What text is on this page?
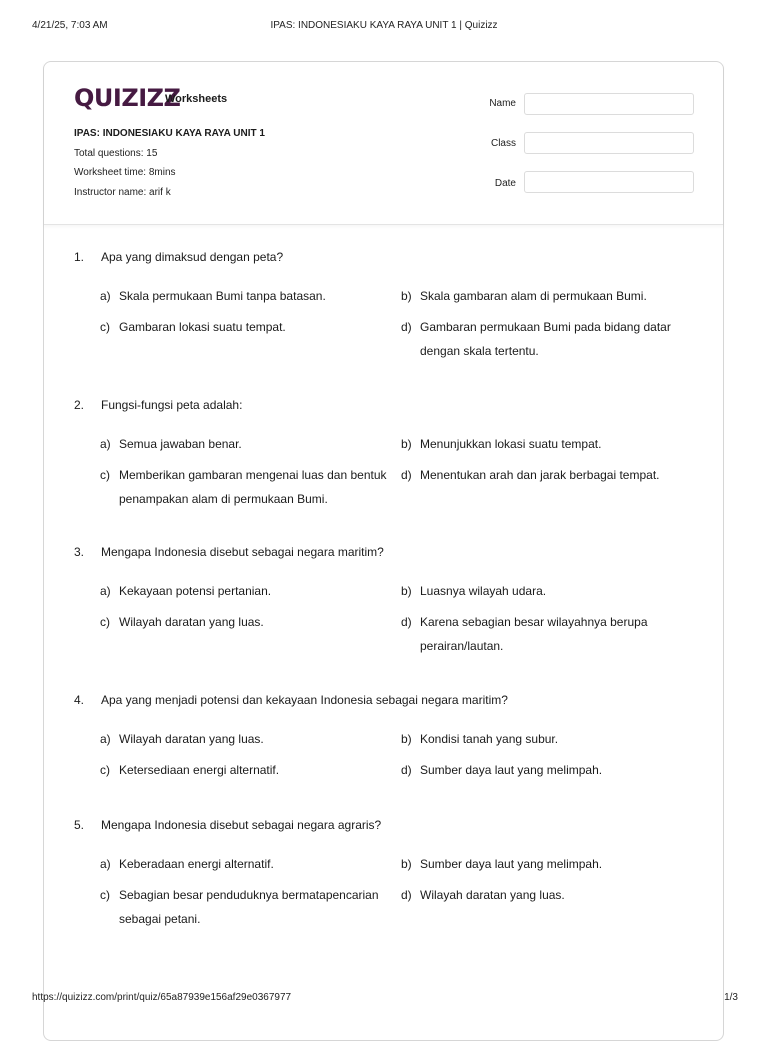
4/21/25, 7:03 AM	IPAS: INDONESIAKU KAYA RAYA UNIT 1 | Quizizz
QUIZIZZ
Worksheets
IPAS: INDONESIAKU KAYA RAYA UNIT 1
Total questions: 15
Worksheet time: 8mins
Instructor name: arif k
Name
Class
Date
1. Apa yang dimaksud dengan peta?
a) Skala permukaan Bumi tanpa batasan.	b) Skala gambaran alam di permukaan Bumi.
c) Gambaran lokasi suatu tempat.	d) Gambaran permukaan Bumi pada bidang datar dengan skala tertentu.
2. Fungsi-fungsi peta adalah:
a) Semua jawaban benar.	b) Menunjukkan lokasi suatu tempat.
c) Memberikan gambaran mengenai luas dan bentuk penampakan alam di permukaan Bumi.
d) Menentukan arah dan jarak berbagai tempat.
3. Mengapa Indonesia disebut sebagai negara maritim?
a) Kekayaan potensi pertanian.	b) Luasnya wilayah udara.
c) Wilayah daratan yang luas.	d) Karena sebagian besar wilayahnya berupa perairan/lautan.
4. Apa yang menjadi potensi dan kekayaan Indonesia sebagai negara maritim?
a) Wilayah daratan yang luas.	b) Kondisi tanah yang subur.
c) Ketersediaan energi alternatif.	d) Sumber daya laut yang melimpah.
5. Mengapa Indonesia disebut sebagai negara agraris?
a) Keberadaan energi alternatif.	b) Sumber daya laut yang melimpah.
c) Sebagian besar penduduknya bermatapencarian sebagai petani.
d) Wilayah daratan yang luas.
https://quizizz.com/print/quiz/65a87939e156af29e0367977	1/3
